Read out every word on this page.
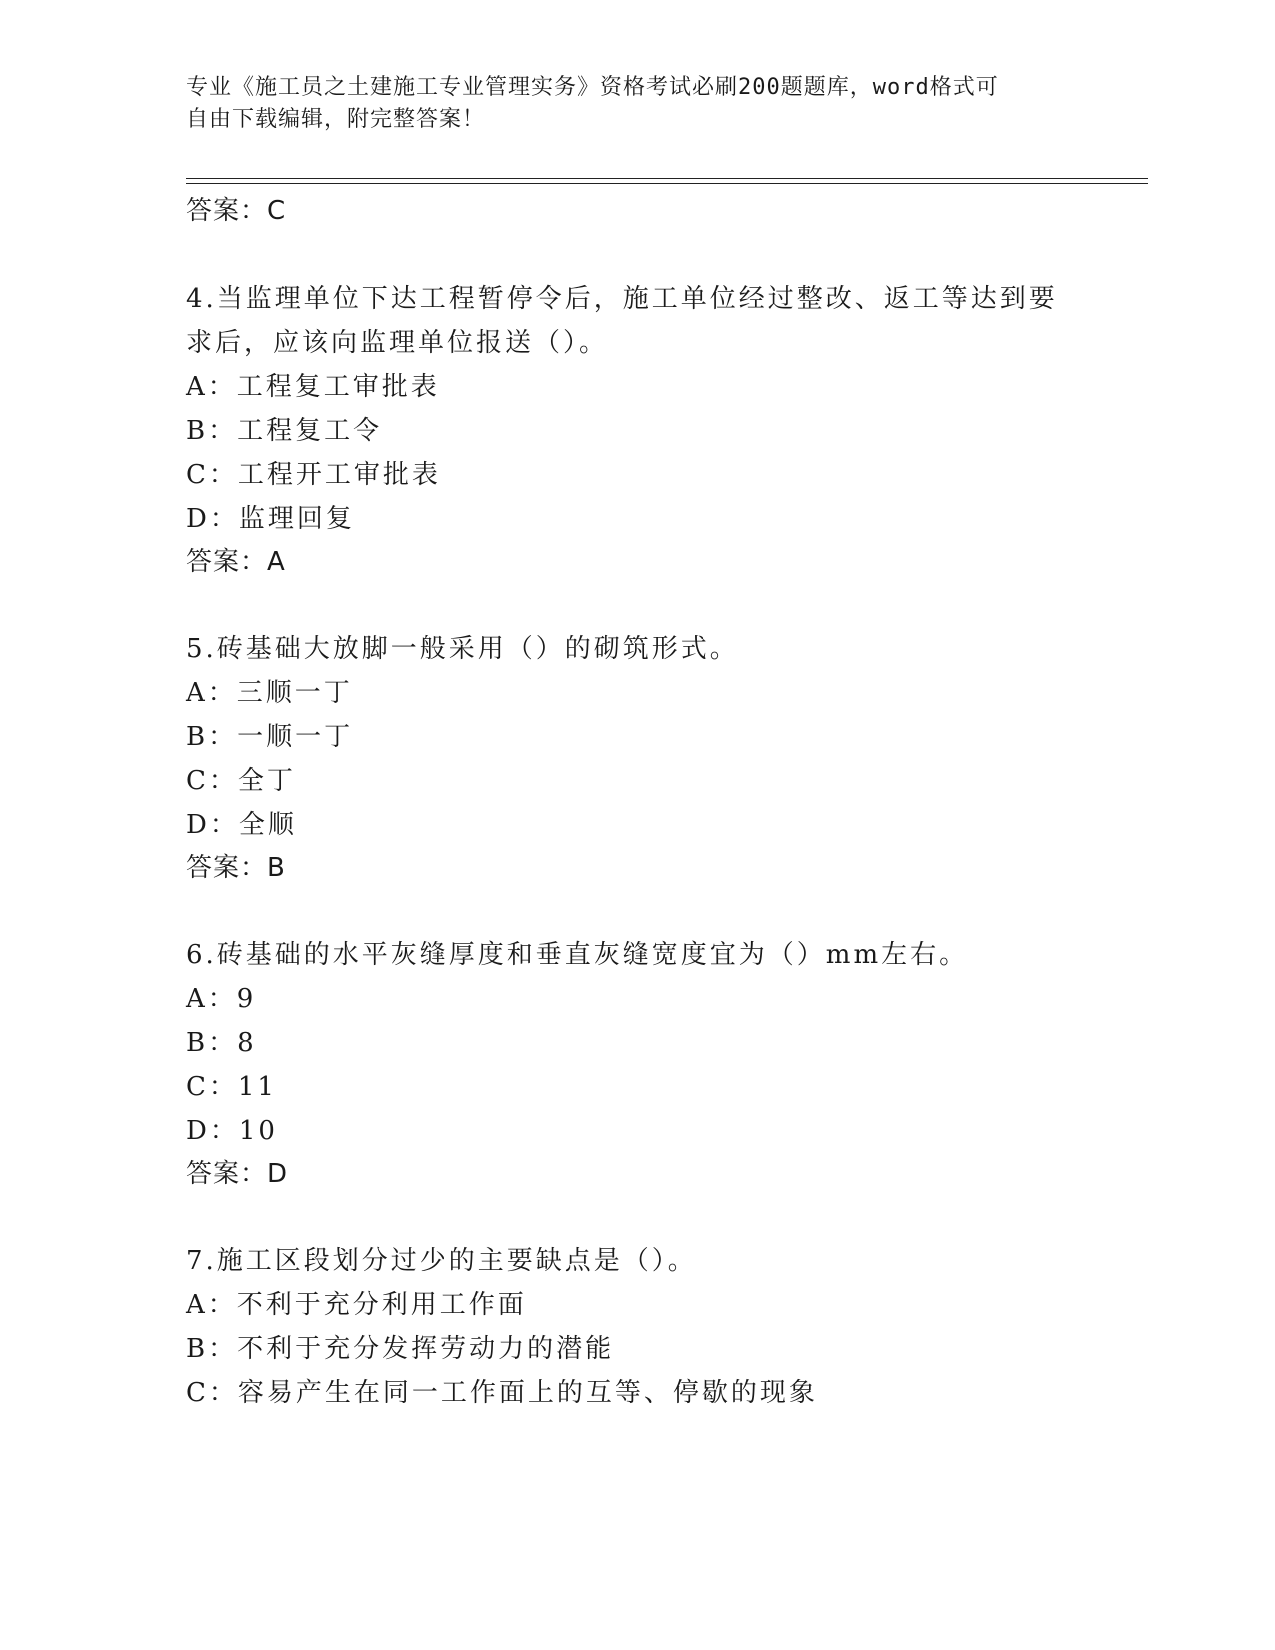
专业《施工员之土建施工专业管理实务》资格考试必刷200题题库，word格式可
自由下载编辑，附完整答案！
答案：C
4.当监理单位下达工程暂停令后，施工单位经过整改、返工等达到要
求后，应该向监理单位报送（）。
A：工程复工审批表
B：工程复工令
C：工程开工审批表
D：监理回复
答案：A
5.砖基础大放脚一般采用（）的砌筑形式。
A：三顺一丁
B：一顺一丁
C：全丁
D：全顺
答案：B
6.砖基础的水平灰缝厚度和垂直灰缝宽度宜为（）mm左右。
A：9
B：8
C：11
D：10
答案：D
7.施工区段划分过少的主要缺点是（）。
A：不利于充分利用工作面
B：不利于充分发挥劳动力的潜能
C：容易产生在同一工作面上的互等、停歇的现象
